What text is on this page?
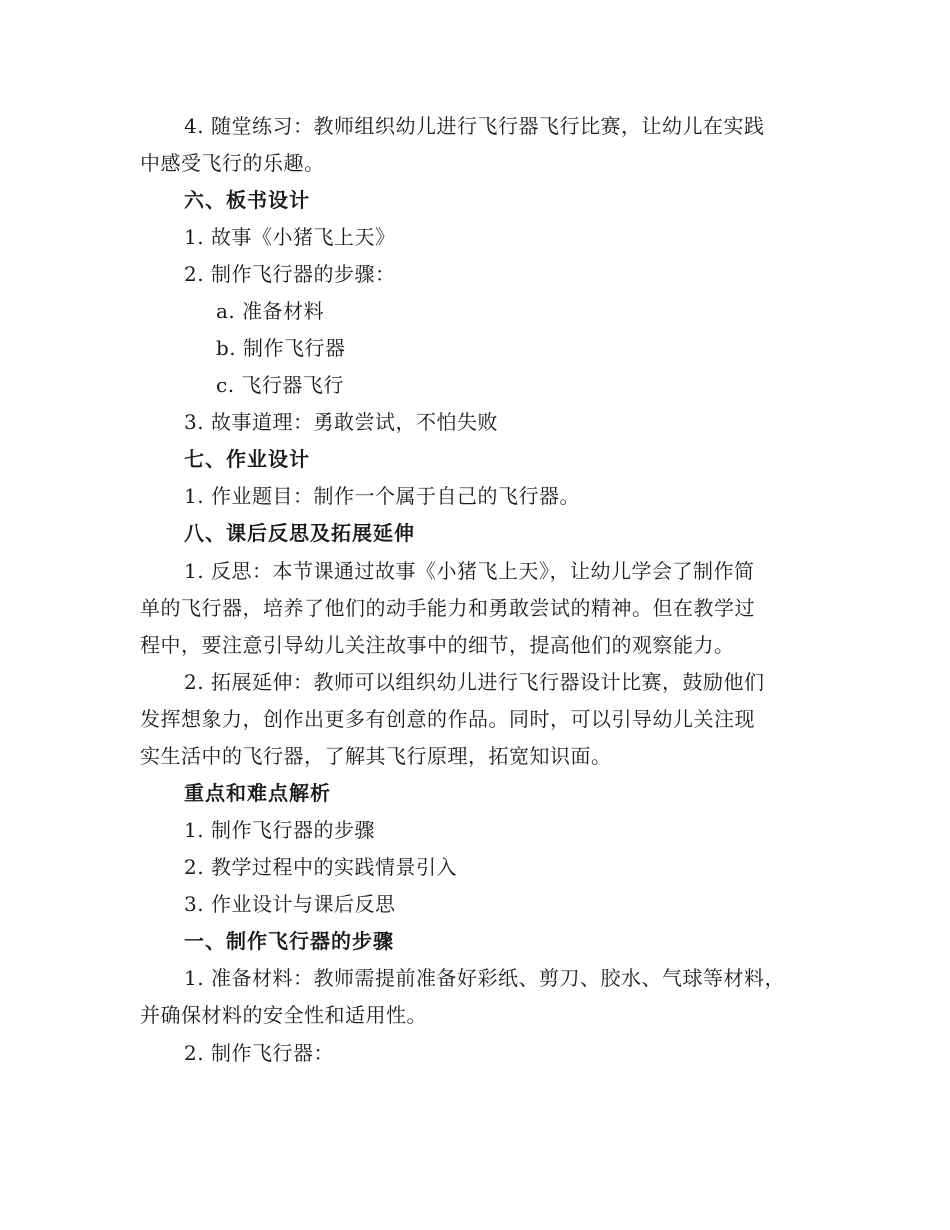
4. 随堂练习：教师组织幼儿进行飞行器飞行比赛，让幼儿在实践
中感受飞行的乐趣。
六、板书设计
1. 故事《小猪飞上天》
2. 制作飞行器的步骤：
a. 准备材料
b. 制作飞行器
c. 飞行器飞行
3. 故事道理：勇敢尝试，不怕失败
七、作业设计
1. 作业题目：制作一个属于自己的飞行器。
八、课后反思及拓展延伸
1. 反思：本节课通过故事《小猪飞上天》，让幼儿学会了制作简
单的飞行器，培养了他们的动手能力和勇敢尝试的精神。但在教学过
程中，要注意引导幼儿关注故事中的细节，提高他们的观察能力。
2. 拓展延伸：教师可以组织幼儿进行飞行器设计比赛，鼓励他们
发挥想象力，创作出更多有创意的作品。同时，可以引导幼儿关注现
实生活中的飞行器，了解其飞行原理，拓宽知识面。
重点和难点解析
1. 制作飞行器的步骤
2. 教学过程中的实践情景引入
3. 作业设计与课后反思
一、制作飞行器的步骤
1. 准备材料：教师需提前准备好彩纸、剪刀、胶水、气球等材料，
并确保材料的安全性和适用性。
2. 制作飞行器：
